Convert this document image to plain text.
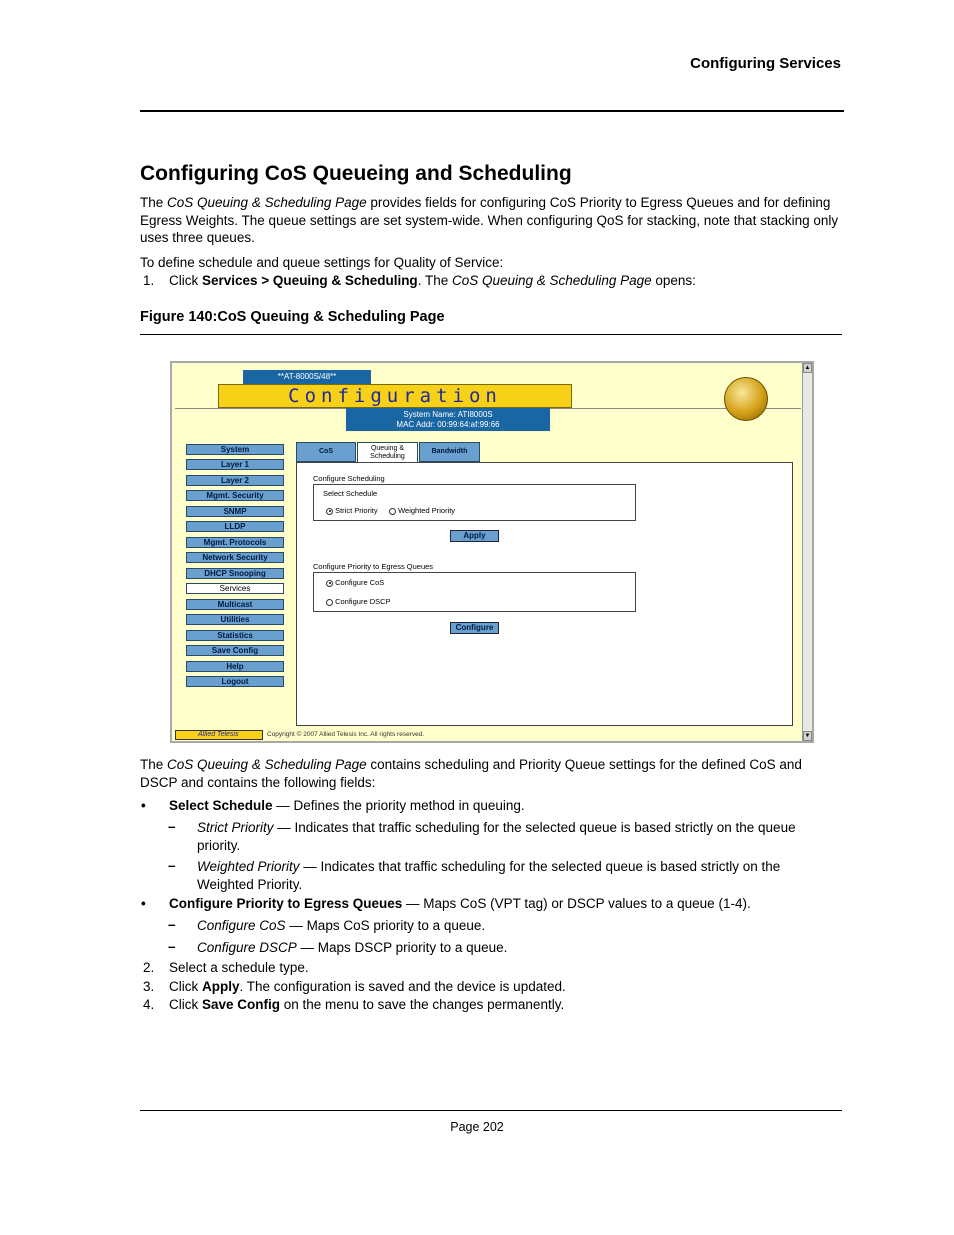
Configuring Services
Configuring CoS Queueing and Scheduling
The CoS Queuing & Scheduling Page provides fields for configuring CoS Priority to Egress Queues and for defining Egress Weights. The queue settings are set system-wide. When configuring QoS for stacking, note that stacking only uses three queues.
To define schedule and queue settings for Quality of Service:
1. Click Services > Queuing & Scheduling. The CoS Queuing & Scheduling Page opens:
Figure 140:CoS Queuing & Scheduling Page
**AT-8000S/48**
Configuration
System Name: ATI8000S
MAC Addr: 00:99:64:af:99:66
System
Layer 1
Layer 2
Mgmt. Security
SNMP
LLDP
Mgmt. Protocols
Network Security
DHCP Snooping
Services
Multicast
Utilities
Statistics
Save Config
Help
Logout
CoS	Queuing &
Scheduling
Bandwidth
Configure Scheduling
Select Schedule
Strict Priority	Weighted Priority
Apply
Configure Priority to Egress Queues
Configure CoS
Configure DSCP
Configure
Allied Telesis	Copyright © 2007 Allied Telesis Inc. All rights reserved.
▲
▼
The CoS Queuing & Scheduling Page contains scheduling and Priority Queue settings for the defined CoS and DSCP and contains the following fields:
• Select Schedule — Defines the priority method in queuing.
– Strict Priority — Indicates that traffic scheduling for the selected queue is based strictly on the queue priority.
– Weighted Priority — Indicates that traffic scheduling for the selected queue is based strictly on the Weighted Priority.
• Configure Priority to Egress Queues — Maps CoS (VPT tag) or DSCP values to a queue (1-4).
– Configure CoS — Maps CoS priority to a queue.
– Configure DSCP — Maps DSCP priority to a queue.
2. Select a schedule type.
3. Click Apply. The configuration is saved and the device is updated.
4. Click Save Config on the menu to save the changes permanently.
Page 202
